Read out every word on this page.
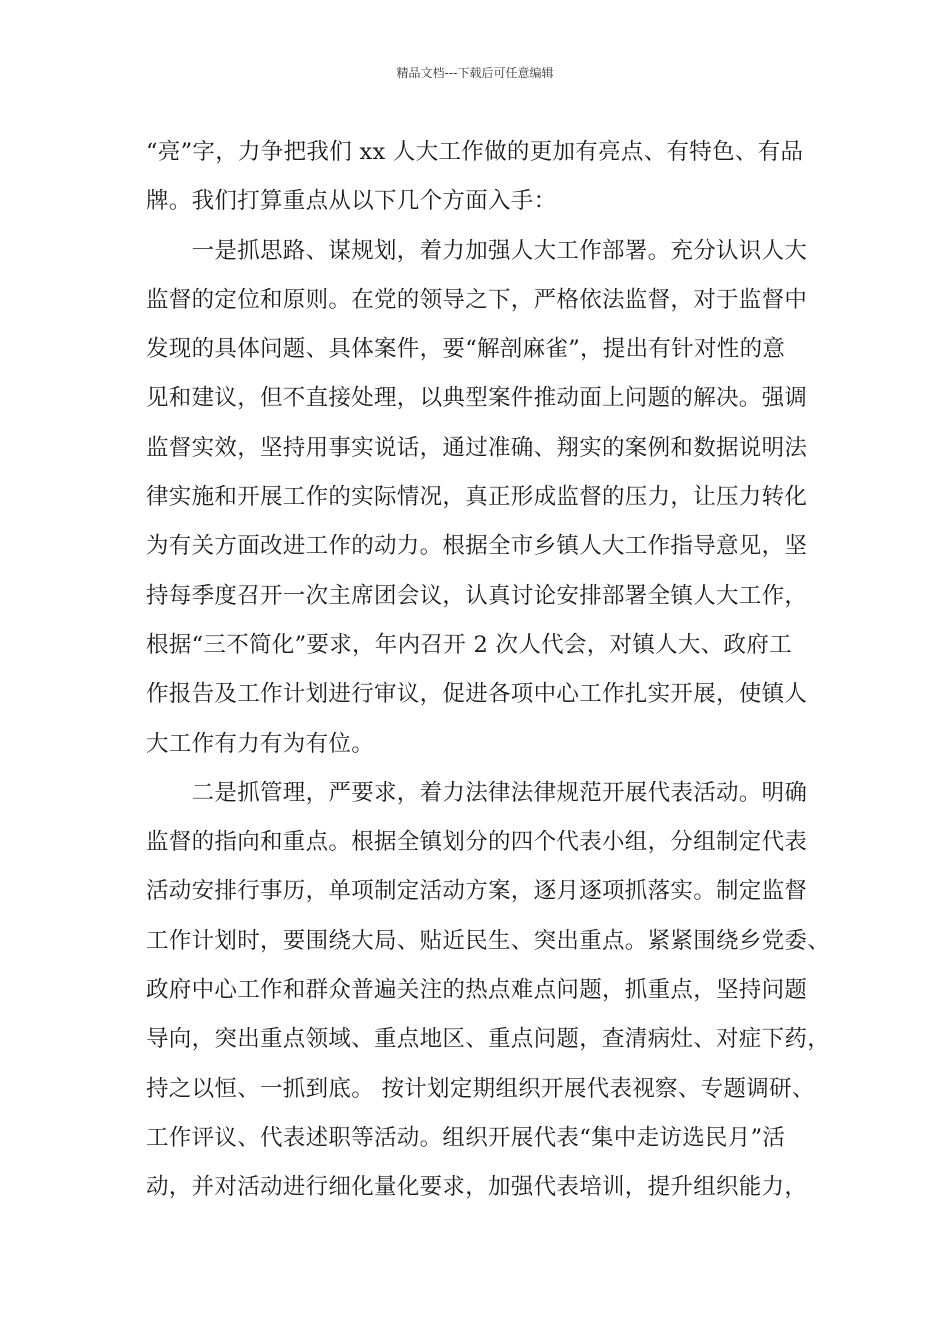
精品文档---下载后可任意编辑
“亮”字，力争把我们 xx 人大工作做的更加有亮点、有特色、有品
牌。我们打算重点从以下几个方面入手：
　　一是抓思路、谋规划，着力加强人大工作部署。充分认识人大
监督的定位和原则。在党的领导之下，严格依法监督，对于监督中
发现的具体问题、具体案件，要“解剖麻雀”，提出有针对性的意
见和建议，但不直接处理，以典型案件推动面上问题的解决。强调
监督实效，坚持用事实说话，通过准确、翔实的案例和数据说明法
律实施和开展工作的实际情况，真正形成监督的压力，让压力转化
为有关方面改进工作的动力。根据全市乡镇人大工作指导意见，坚
持每季度召开一次主席团会议，认真讨论安排部署全镇人大工作，
根据“三不简化”要求，年内召开 2 次人代会，对镇人大、政府工
作报告及工作计划进行审议，促进各项中心工作扎实开展，使镇人
大工作有力有为有位。
　　二是抓管理，严要求，着力法律法律规范开展代表活动。明确
监督的指向和重点。根据全镇划分的四个代表小组，分组制定代表
活动安排行事历，单项制定活动方案，逐月逐项抓落实。制定监督
工作计划时，要围绕大局、贴近民生、突出重点。紧紧围绕乡党委、
政府中心工作和群众普遍关注的热点难点问题，抓重点，坚持问题
导向，突出重点领域、重点地区、重点问题，查清病灶、对症下药，
持之以恒、一抓到底。 按计划定期组织开展代表视察、专题调研、
工作评议、代表述职等活动。组织开展代表“集中走访选民月”活
动，并对活动进行细化量化要求，加强代表培训，提升组织能力，
